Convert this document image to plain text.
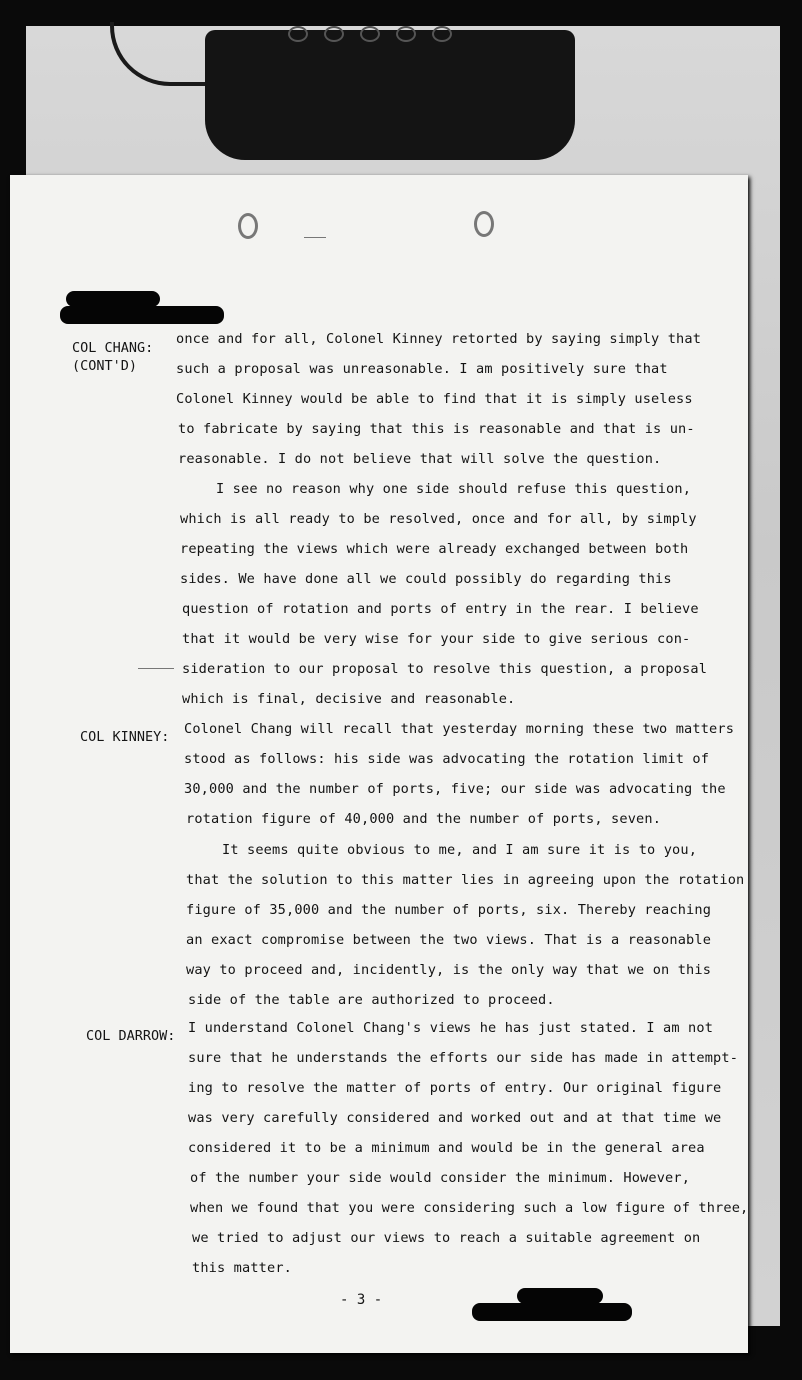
COL CHANG:
(CONT'D)
COL KINNEY:
COL DARROW:
once and for all, Colonel Kinney retorted by saying simply that
such a proposal was unreasonable. I am positively sure that
Colonel Kinney would be able to find that it is simply useless
to fabricate by saying that this is reasonable and that is un-
reasonable. I do not believe that will solve the question.
I see no reason why one side should refuse this question,
which is all ready to be resolved, once and for all, by simply
repeating the views which were already exchanged between both
sides. We have done all we could possibly do regarding this
question of rotation and ports of entry in the rear. I believe
that it would be very wise for your side to give serious con-
sideration to our proposal to resolve this question, a proposal
which is final, decisive and reasonable.
Colonel Chang will recall that yesterday morning these two matters
stood as follows: his side was advocating the rotation limit of
30,000 and the number of ports, five; our side was advocating the
rotation figure of 40,000 and the number of ports, seven.
It seems quite obvious to me, and I am sure it is to you,
that the solution to this matter lies in agreeing upon the rotation
figure of 35,000 and the number of ports, six. Thereby reaching
an exact compromise between the two views. That is a reasonable
way to proceed and, incidently, is the only way that we on this
side of the table are authorized to proceed.
I understand Colonel Chang's views he has just stated. I am not
sure that he understands the efforts our side has made in attempt-
ing to resolve the matter of ports of entry. Our original figure
was very carefully considered and worked out and at that time we
considered it to be a minimum and would be in the general area
of the number your side would consider the minimum. However,
when we found that you were considering such a low figure of three,
we tried to adjust our views to reach a suitable agreement on
this matter.
- 3 -
